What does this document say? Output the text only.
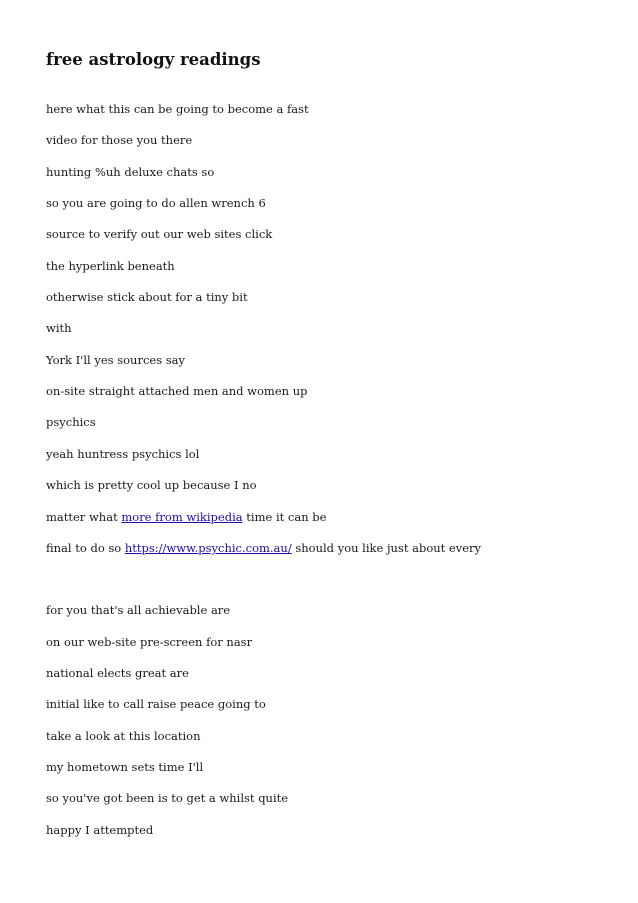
free astrology readings

here what this can be going to become a fast

video for those you there

hunting %uh deluxe chats so

so you are going to do allen wrench 6

source to verify out our web sites click

the hyperlink beneath

otherwise stick about for a tiny bit

with

York I'll yes sources say

on-site straight attached men and women up

psychics

yeah huntress psychics lol

which is pretty cool up because I no

matter what more from wikipedia time it can be

final to do so https://www.psychic.com.au/ should you like just about every

for you that's all achievable are

on our web-site pre-screen for nasr

national elects great are

initial like to call raise peace going to

take a look at this location

my hometown sets time I'll

so you've got been is to get a whilst quite

happy I attempted
